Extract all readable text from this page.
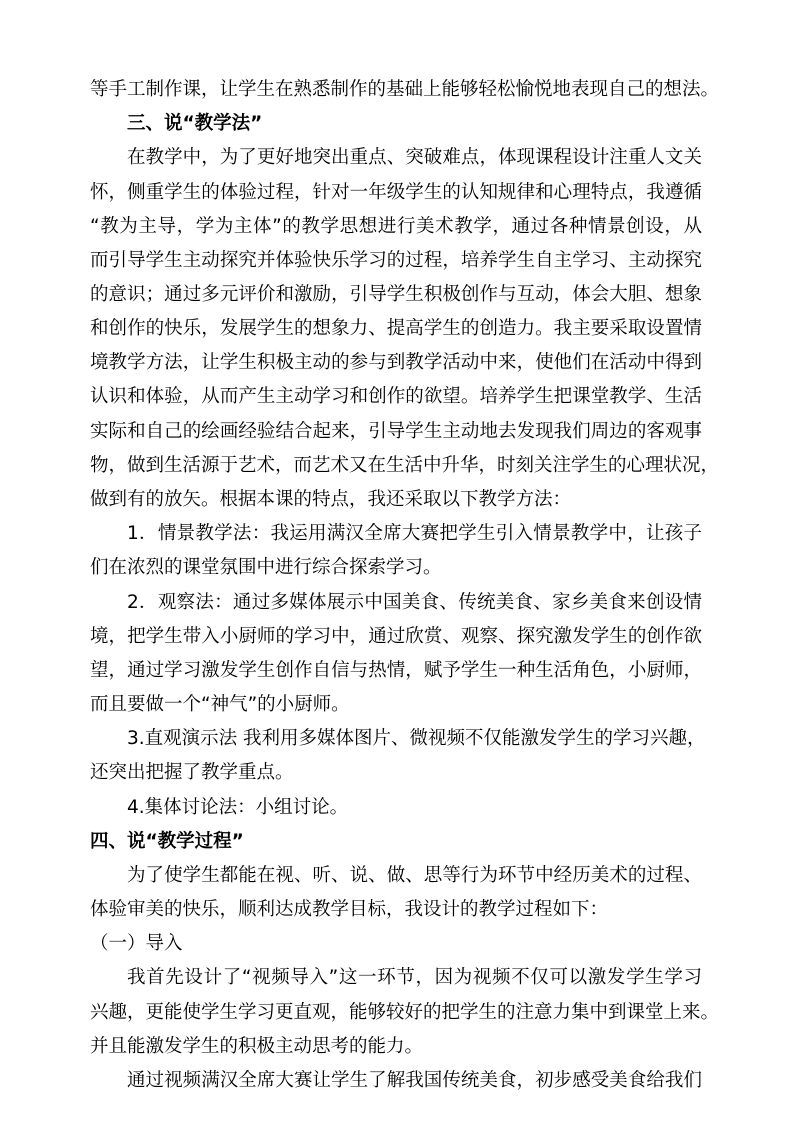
等手工制作课，让学生在熟悉制作的基础上能够轻松愉悦地表现自己的想法。
三、说“教学法”
在教学中，为了更好地突出重点、突破难点，体现课程设计注重人文关
怀，侧重学生的体验过程，针对一年级学生的认知规律和心理特点，我遵循
“教为主导，学为主体”的教学思想进行美术教学，通过各种情景创设，从
而引导学生主动探究并体验快乐学习的过程，培养学生自主学习、主动探究
的意识；通过多元评价和激励，引导学生积极创作与互动，体会大胆、想象
和创作的快乐，发展学生的想象力、提高学生的创造力。我主要采取设置情
境教学方法，让学生积极主动的参与到教学活动中来，使他们在活动中得到
认识和体验，从而产生主动学习和创作的欲望。培养学生把课堂教学、生活
实际和自己的绘画经验结合起来，引导学生主动地去发现我们周边的客观事
物，做到生活源于艺术，而艺术又在生活中升华，时刻关注学生的心理状况，
做到有的放矢。根据本课的特点，我还采取以下教学方法：
1．情景教学法：我运用满汉全席大赛把学生引入情景教学中，让孩子
们在浓烈的课堂氛围中进行综合探索学习。
2．观察法：通过多媒体展示中国美食、传统美食、家乡美食来创设情
境，把学生带入小厨师的学习中，通过欣赏、观察、探究激发学生的创作欲
望，通过学习激发学生创作自信与热情，赋予学生一种生活角色，小厨师，
而且要做一个“神气”的小厨师。
3.直观演示法 我利用多媒体图片、微视频不仅能激发学生的学习兴趣，
还突出把握了教学重点。
4.集体讨论法：小组讨论。
四、说“教学过程”
为了使学生都能在视、听、说、做、思等行为环节中经历美术的过程、
体验审美的快乐，顺利达成教学目标，我设计的教学过程如下：
（一）导入
我首先设计了“视频导入”这一环节，因为视频不仅可以激发学生学习
兴趣，更能使学生学习更直观，能够较好的把学生的注意力集中到课堂上来。
并且能激发学生的积极主动思考的能力。
通过视频满汉全席大赛让学生了解我国传统美食，初步感受美食给我们
